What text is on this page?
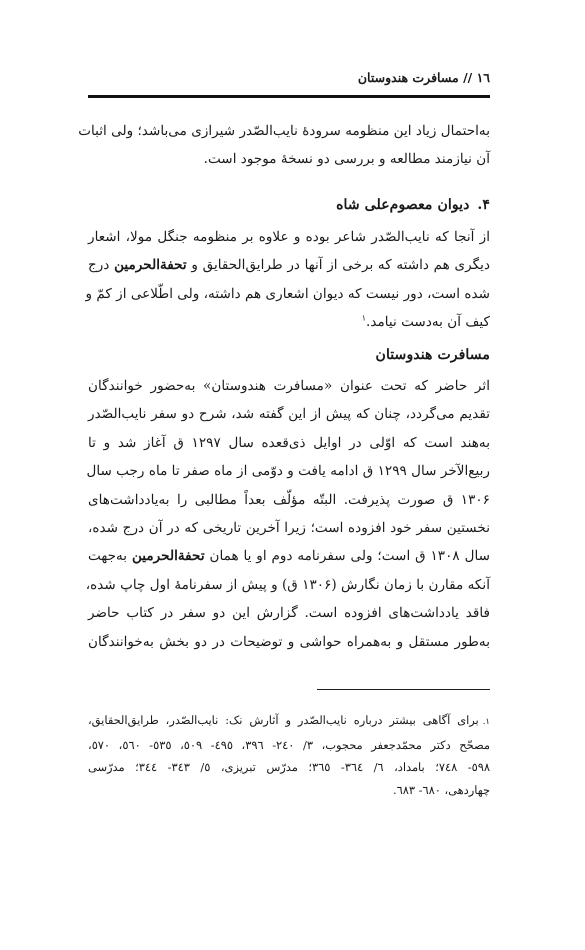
١٦ // مسافرت هندوستان
به‌احتمال زیاد این منظومه سرودهٔ نایب‌الصّدر شیرازی می‌باشد؛ ولی اثبات
آن نیازمند مطالعه و بررسی دو نسخهٔ موجود است.
۴.دیوان معصوم‌علی شاه
از آنجا که نایب‌الصّدر شاعر بوده و علاوه بر منظومه جنگل مولا، اشعار
دیگری هم داشته که برخی از آنها در طرایق‌الحقایق و تحفةالحرمین درج
شده است، دور نیست که دیوان اشعاری هم داشته، ولی اطّلاعی از کمّ و
کیف آن به‌دست نیامد.$^١$
مسافرت هندوستان
اثر حاضر که تحت عنوان «مسافرت هندوستان» به‌حضور خوانندگان
تقدیم می‌گردد، چنان که پیش از این گفته شد، شرح دو سفر نایب‌الصّدر
به‌هند است که اوّلی در اوایل ذی‌قعده سال ١٢٩٧ ق آغاز شد و تا
ربیع‌الآخر سال ١٢٩٩ ق ادامه یافت و دوّمی از ماه صفر تا ماه رجب سال
١٣٠۶ ق صورت پذیرفت. البتّه مؤلّف بعداً مطالبی را به‌یادداشت‌های
نخستین سفر خود افزوده است؛ زیرا آخرین تاریخی که در آن درج شده،
سال ١٣٠٨ ق است؛ ولی سفرنامه دوم او یا همان تحفةالحرمین به‌جهت
آنکه مقارن با زمان نگارش (١٣٠۶ ق) و پیش از سفرنامهٔ اول چاپ شده،
فاقد یادداشت‌های افزوده است. گزارش این دو سفر در کتاب حاضر
به‌طور مستقل و به‌همراه حواشی و توضیحات در دو بخش به‌خوانندگان
١.برای آگاهی بیشتر درباره نایب‌الصّدر و آثارش نک: نایب‌الصّدر، طرایق‌الحقایق،
مصحّح دکتر محمّدجعفر محجوب، ٣/ ٢٤٠- ٣٩٦، ٤٩٥- ٥٠٩، ٥٣٥- ٥٦٠، ٥٧٠،
٥٩٨- ٧٤٨؛ بامداد، ٦/ ٣٦٤- ٣٦٥؛ مدرّس تبریزی، ٥/ ٣٤٣- ٣٤٤؛ مدرّسی
چهاردهی، ٦٨٠- ٦٨٣.
